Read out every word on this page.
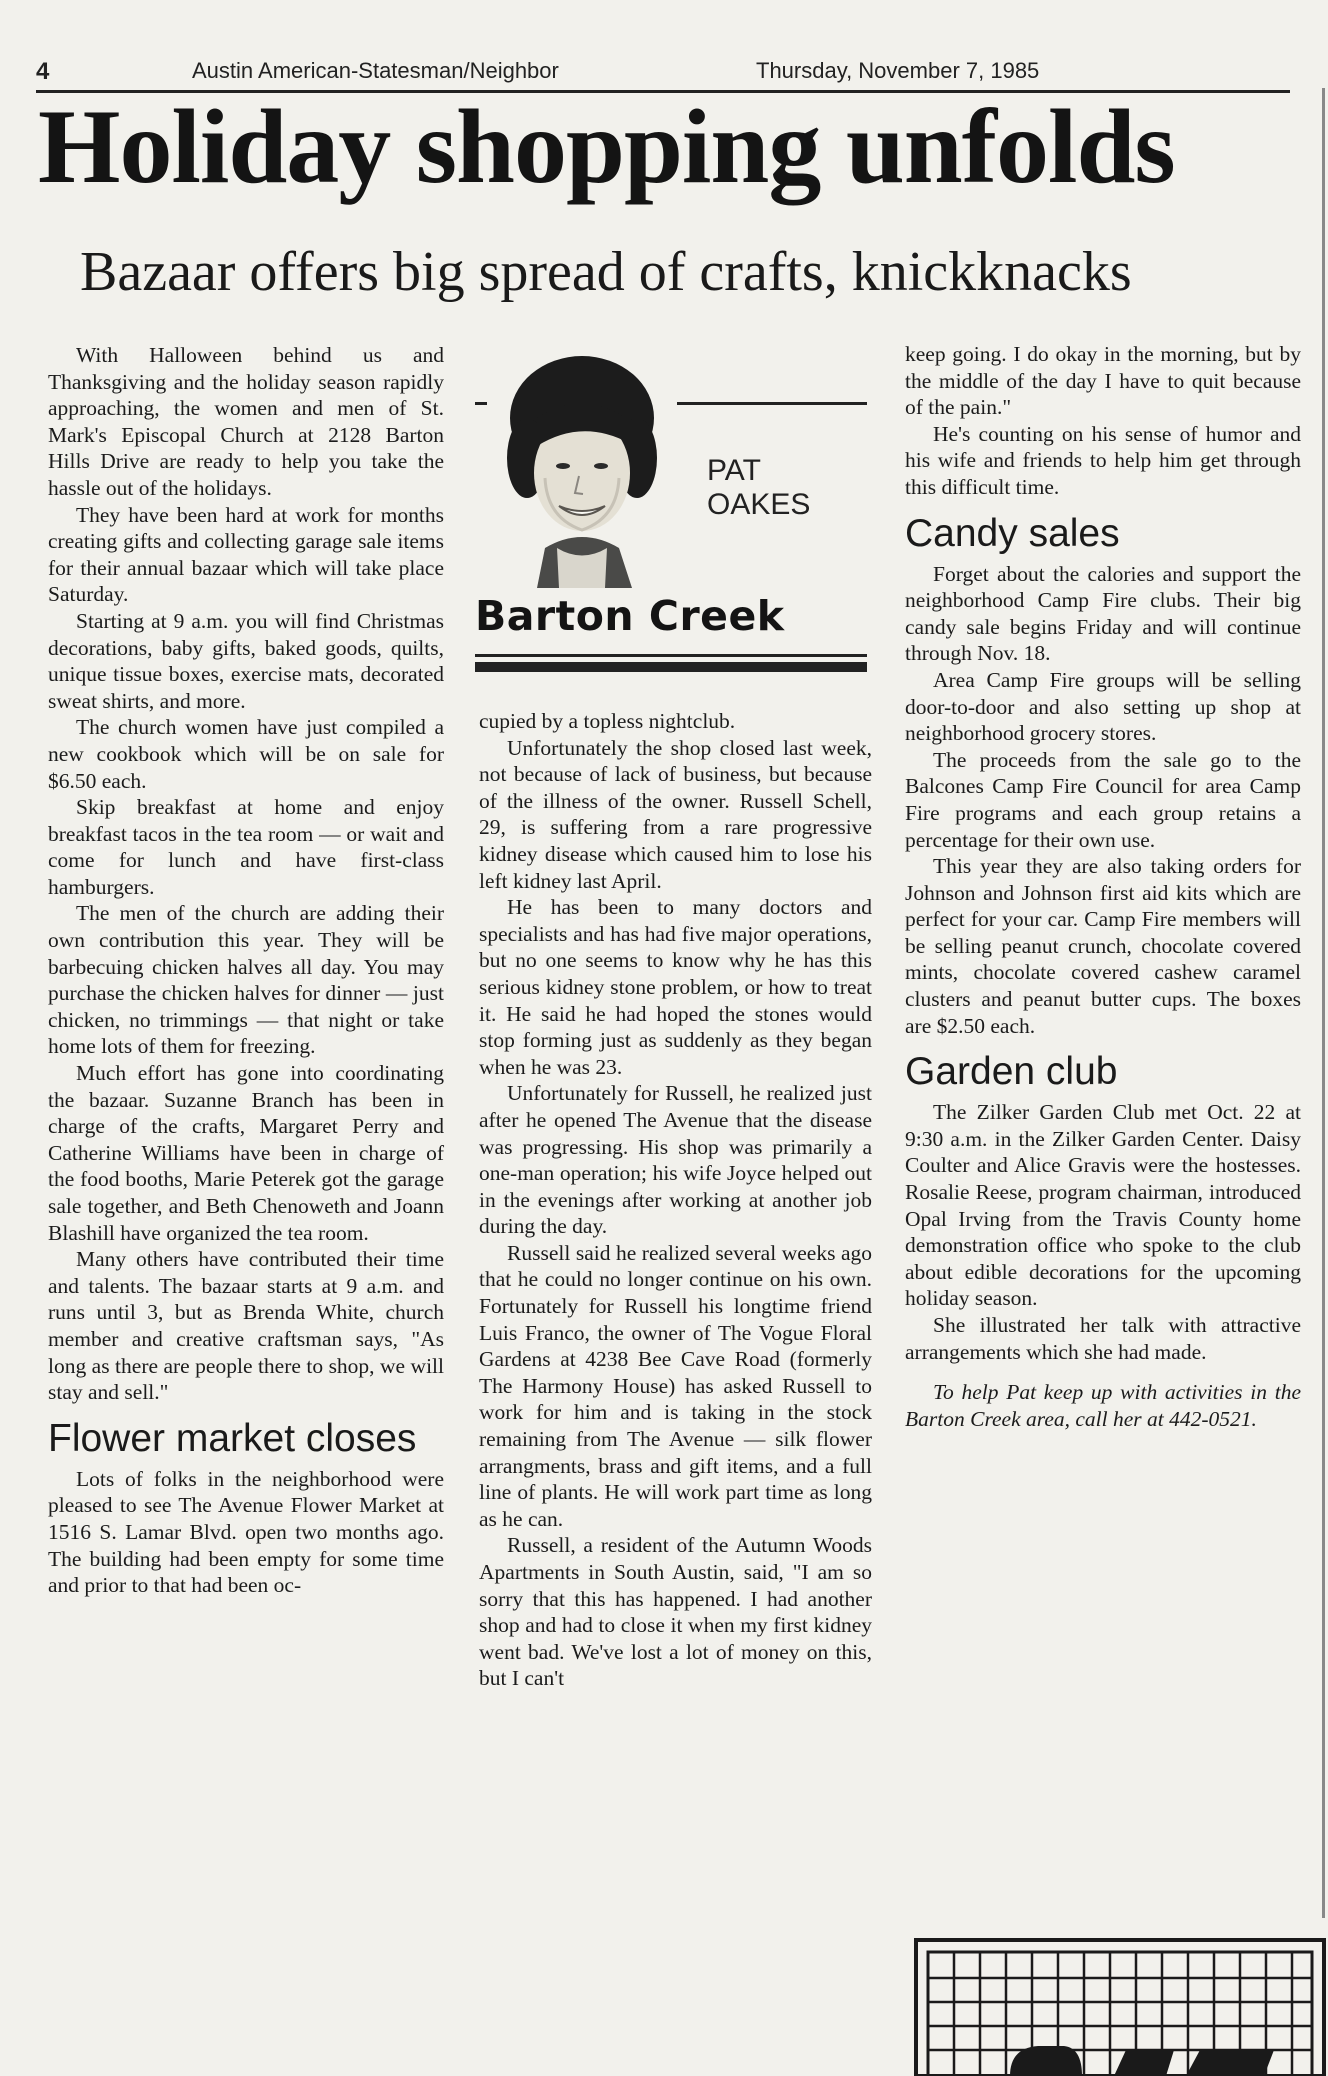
4	Austin American-Statesman/Neighbor	Thursday, November 7, 1985
Holiday shopping unfolds
Bazaar offers big spread of crafts, knickknacks

With Halloween behind us and Thanksgiving and the holiday season rapidly approaching, the women and men of St. Mark's Episcopal Church at 2128 Barton Hills Drive are ready to help you take the hassle out of the holidays.

They have been hard at work for months creating gifts and collecting garage sale items for their annual bazaar which will take place Saturday.

Starting at 9 a.m. you will find Christmas decorations, baby gifts, baked goods, quilts, unique tissue boxes, exercise mats, decorated sweat shirts, and more.

The church women have just compiled a new cookbook which will be on sale for $6.50 each.

Skip breakfast at home and enjoy breakfast tacos in the tea room — or wait and come for lunch and have first-class hamburgers.

The men of the church are adding their own contribution this year. They will be barbecuing chicken halves all day. You may purchase the chicken halves for dinner — just chicken, no trimmings — that night or take home lots of them for freezing.

Much effort has gone into coordinating the bazaar. Suzanne Branch has been in charge of the crafts, Margaret Perry and Catherine Williams have been in charge of the food booths, Marie Peterek got the garage sale together, and Beth Chenoweth and Joann Blashill have organized the tea room.

Many others have contributed their time and talents. The bazaar starts at 9 a.m. and runs until 3, but as Brenda White, church member and creative craftsman says, "As long as there are people there to shop, we will stay and sell."

Flower market closes

Lots of folks in the neighborhood were pleased to see The Avenue Flower Market at 1516 S. Lamar Blvd. open two months ago. The building had been empty for some time and prior to that had been oc-

PAT
OAKES
Barton Creek

cupied by a topless nightclub.

Unfortunately the shop closed last week, not because of lack of business, but because of the illness of the owner. Russell Schell, 29, is suffering from a rare progressive kidney disease which caused him to lose his left kidney last April.

He has been to many doctors and specialists and has had five major operations, but no one seems to know why he has this serious kidney stone problem, or how to treat it. He said he had hoped the stones would stop forming just as suddenly as they began when he was 23.

Unfortunately for Russell, he realized just after he opened The Avenue that the disease was progressing. His shop was primarily a one-man operation; his wife Joyce helped out in the evenings after working at another job during the day.

Russell said he realized several weeks ago that he could no longer continue on his own. Fortunately for Russell his longtime friend Luis Franco, the owner of The Vogue Floral Gardens at 4238 Bee Cave Road (formerly The Harmony House) has asked Russell to work for him and is taking in the stock remaining from The Avenue — silk flower arrangments, brass and gift items, and a full line of plants. He will work part time as long as he can.

Russell, a resident of the Autumn Woods Apartments in South Austin, said, "I am so sorry that this has happened. I had another shop and had to close it when my first kidney went bad. We've lost a lot of money on this, but I can't

keep going. I do okay in the morning, but by the middle of the day I have to quit because of the pain."

He's counting on his sense of humor and his wife and friends to help him get through this difficult time.

Candy sales

Forget about the calories and support the neighborhood Camp Fire clubs. Their big candy sale begins Friday and will continue through Nov. 18.

Area Camp Fire groups will be selling door-to-door and also setting up shop at neighborhood grocery stores.

The proceeds from the sale go to the Balcones Camp Fire Council for area Camp Fire programs and each group retains a percentage for their own use.

This year they are also taking orders for Johnson and Johnson first aid kits which are perfect for your car. Camp Fire members will be selling peanut crunch, chocolate covered mints, chocolate covered cashew caramel clusters and peanut butter cups. The boxes are $2.50 each.

Garden club

The Zilker Garden Club met Oct. 22 at 9:30 a.m. in the Zilker Garden Center. Daisy Coulter and Alice Gravis were the hostesses. Rosalie Reese, program chairman, introduced Opal Irving from the Travis County home demonstration office who spoke to the club about edible decorations for the upcoming holiday season.

She illustrated her talk with attractive arrangements which she had made.

To help Pat keep up with activities in the Barton Creek area, call her at 442-0521.
